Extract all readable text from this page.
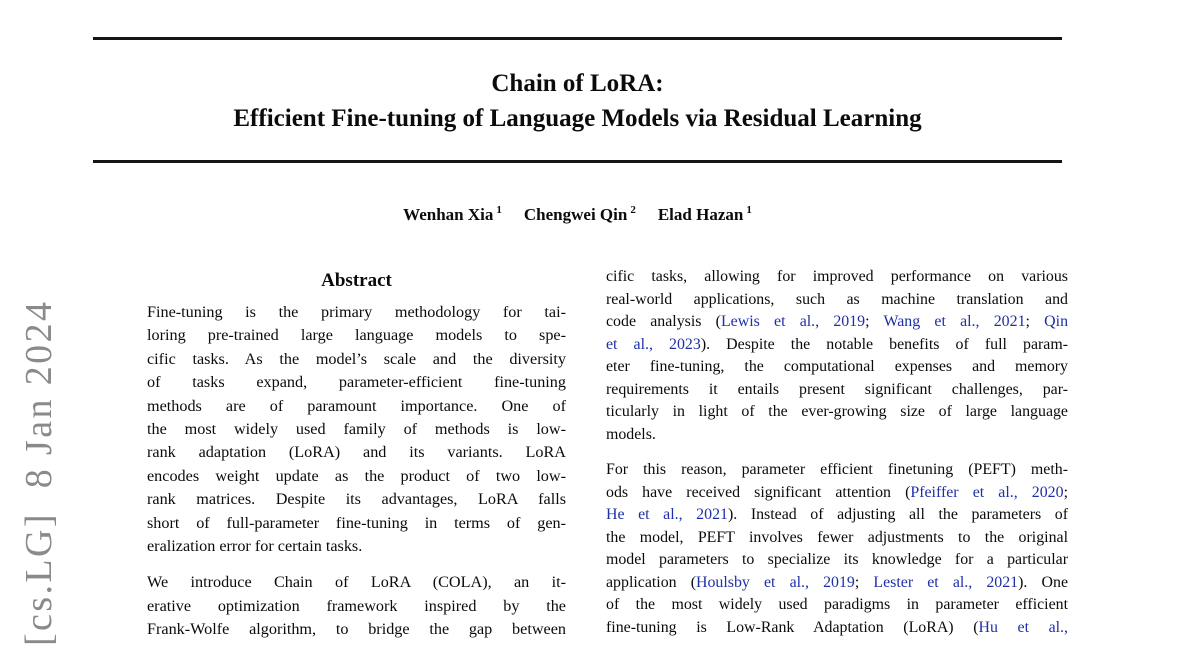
[cs.LG]  8 Jan 2024
Chain of LoRA:
Efficient Fine-tuning of Language Models via Residual Learning
Wenhan Xia $^1$ Chengwei Qin $^2$ Elad Hazan $^1$
Abstract
Fine-tuning is the primary methodology for tai-
loring pre-trained large language models to spe-
cific tasks. As the model’s scale and the diversity
of tasks expand, parameter-efficient fine-tuning
methods are of paramount importance. One of
the most widely used family of methods is low-
rank adaptation (LoRA) and its variants. LoRA
encodes weight update as the product of two low-
rank matrices. Despite its advantages, LoRA falls
short of full-parameter fine-tuning in terms of gen-
eralization error for certain tasks.
We introduce Chain of LoRA (COLA), an it-
erative optimization framework inspired by the
Frank-Wolfe algorithm, to bridge the gap between
cific tasks, allowing for improved performance on various
real-world applications, such as machine translation and
code analysis (Lewis et al., 2019; Wang et al., 2021; Qin
et al., 2023). Despite the notable benefits of full param-
eter fine-tuning, the computational expenses and memory
requirements it entails present significant challenges, par-
ticularly in light of the ever-growing size of large language
models.
For this reason, parameter efficient finetuning (PEFT) meth-
ods have received significant attention (Pfeiffer et al., 2020;
He et al., 2021). Instead of adjusting all the parameters of
the model, PEFT involves fewer adjustments to the original
model parameters to specialize its knowledge for a particular
application (Houlsby et al., 2019; Lester et al., 2021). One
of the most widely used paradigms in parameter efficient
fine-tuning is Low-Rank Adaptation (LoRA) (Hu et al.,
